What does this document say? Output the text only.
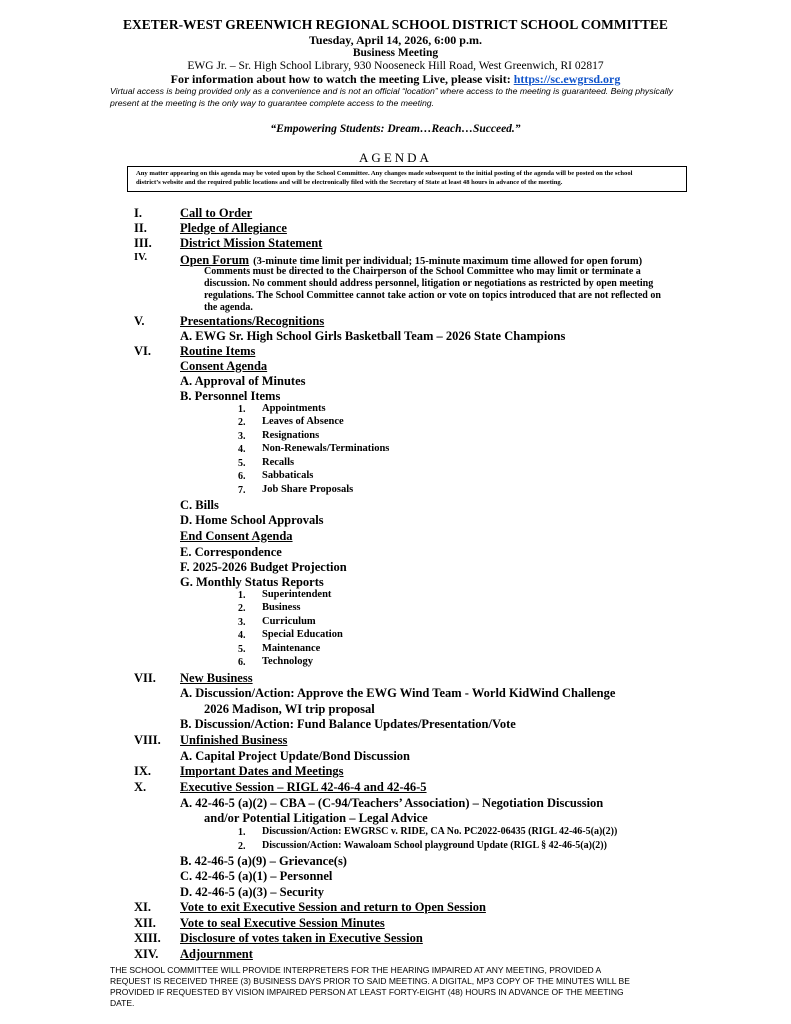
EXETER-WEST GREENWICH REGIONAL SCHOOL DISTRICT SCHOOL COMMITTEE
Tuesday, April 14, 2026, 6:00 p.m.
Business Meeting
EWG Jr. – Sr. High School Library, 930 Nooseneck Hill Road, West Greenwich, RI 02817
For information about how to watch the meeting Live, please visit: https://sc.ewgrsd.org
Virtual access is being provided only as a convenience and is not an official “location” where access to the meeting is guaranteed. Being physically
present at the meeting is the only way to guarantee complete access to the meeting.
“Empowering Students: Dream…Reach…Succeed.”
AGENDA
Any matter appearing on this agenda may be voted upon by the School Committee. Any changes made subsequent to the initial posting of the agenda will be posted on the school
district’s website and the required public locations and will be electronically filed with the Secretary of State at least 48 hours in advance of the meeting.
I.	Call to Order
II.	Pledge of Allegiance
III. District Mission Statement
IV.	Open Forum (3-minute time limit per individual; 15-minute maximum time allowed for open forum)
Comments must be directed to the Chairperson of the School Committee who may limit or terminate a
discussion. No comment should address personnel, litigation or negotiations as restricted by open meeting
regulations. The School Committee cannot take action or vote on topics introduced that are not reflected on
the agenda.
V.	Presentations/Recognitions
A. EWG Sr. High School Girls Basketball Team – 2026 State Champions
VI. Routine Items
Consent Agenda
A. Approval of Minutes
B. Personnel Items
1. Appointments
2. Leaves of Absence
3. Resignations
4. Non-Renewals/Terminations
5. Recalls
6. Sabbaticals
7. Job Share Proposals
C. Bills
D. Home School Approvals
End Consent Agenda
E. Correspondence
F. 2025-2026 Budget Projection
G. Monthly Status Reports
1. Superintendent
2. Business
3. Curriculum
4. Special Education
5. Maintenance
6. Technology
VII. New Business
A. Discussion/Action: Approve the EWG Wind Team - World KidWind Challenge
2026 Madison, WI trip proposal
B. Discussion/Action: Fund Balance Updates/Presentation/Vote
VIII. Unfinished Business
A. Capital Project Update/Bond Discussion
IX. Important Dates and Meetings
X.	Executive Session – RIGL 42-46-4 and 42-46-5
A. 42-46-5 (a)(2) – CBA – (C-94/Teachers’ Association) – Negotiation Discussion
and/or Potential Litigation – Legal Advice
1. Discussion/Action: EWGRSC v. RIDE, CA No. PC2022-06435 (RIGL 42-46-5(a)(2))
2. Discussion/Action: Wawaloam School playground Update (RIGL § 42-46-5(a)(2))
B. 42-46-5 (a)(9) – Grievance(s)
C. 42-46-5 (a)(1) – Personnel
D. 42-46-5 (a)(3) – Security
XI. Vote to exit Executive Session and return to Open Session
XII. Vote to seal Executive Session Minutes
XIII. Disclosure of votes taken in Executive Session
XIV. Adjournment
THE SCHOOL COMMITTEE WILL PROVIDE INTERPRETERS FOR THE HEARING IMPAIRED AT ANY MEETING, PROVIDED A
REQUEST IS RECEIVED THREE (3) BUSINESS DAYS PRIOR TO SAID MEETING. A DIGITAL, MP3 COPY OF THE MINUTES WILL BE
PROVIDED IF REQUESTED BY VISION IMPAIRED PERSON AT LEAST FORTY-EIGHT (48) HOURS IN ADVANCE OF THE MEETING
DATE.
